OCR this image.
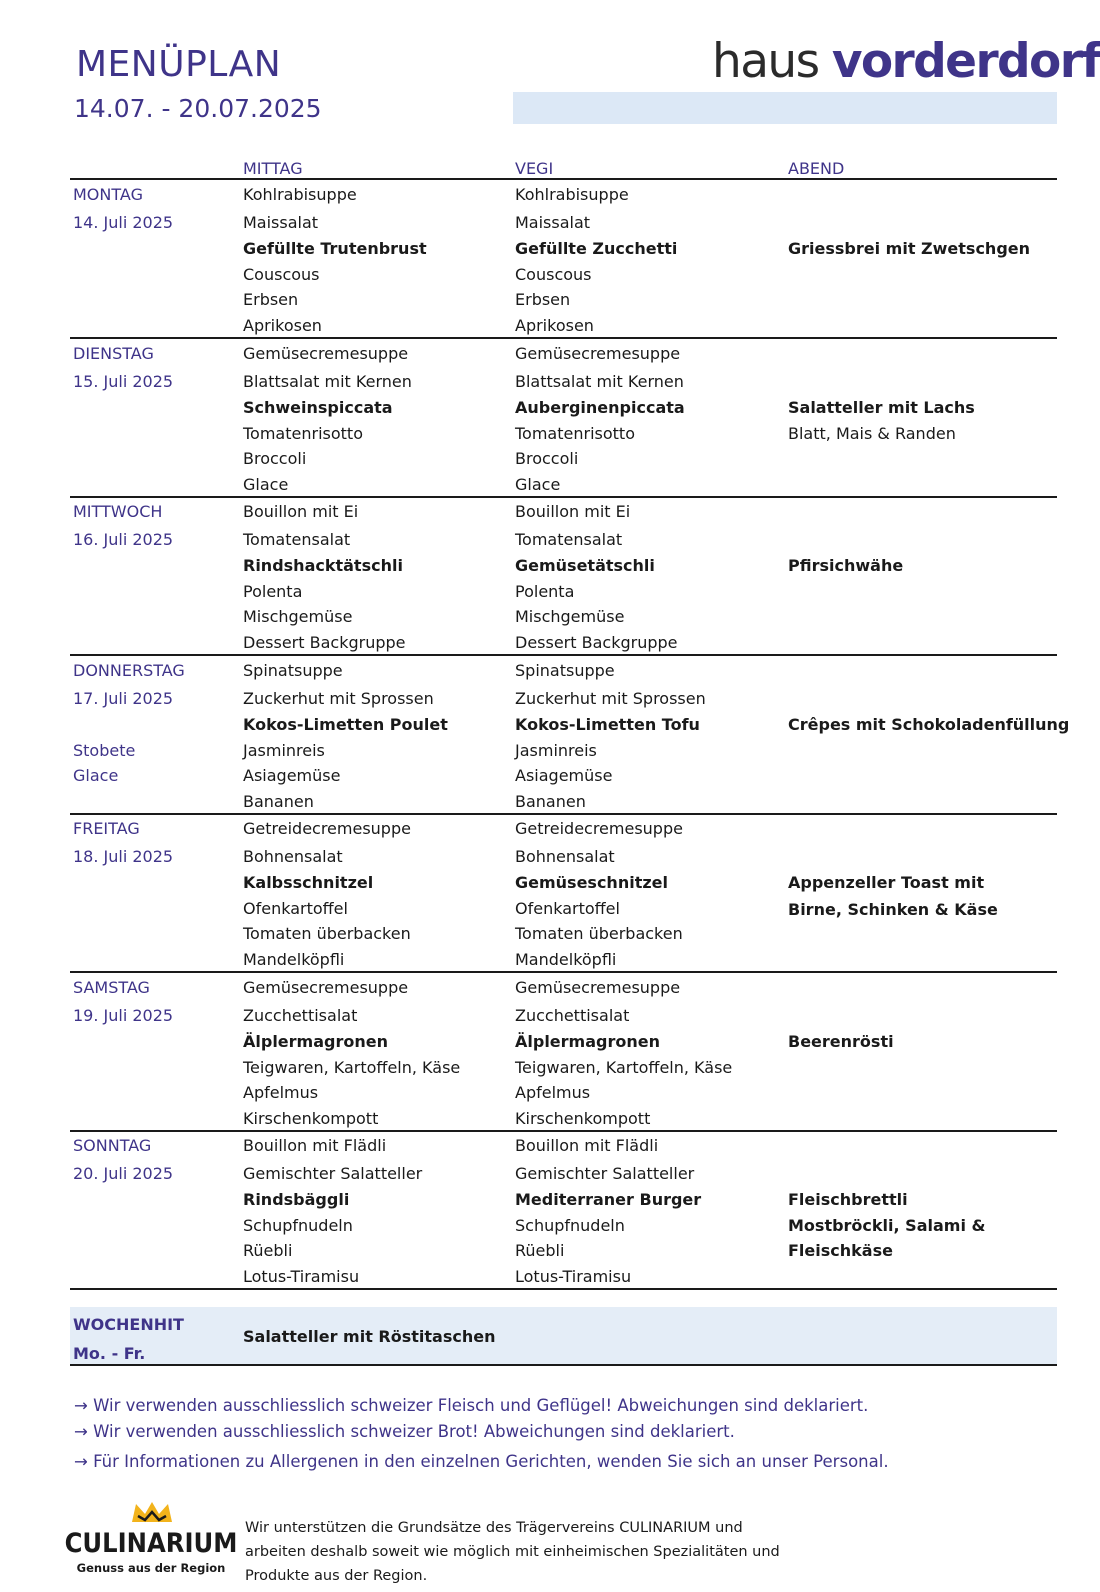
MENÜPLAN
14.07. - 20.07.2025
haus vorderdorf
MITTAG	VEGI	ABEND
MONTAG
14. Juli 2025
Kohlrabisuppe
Maissalat
Gefüllte Trutenbrust
Couscous
Erbsen
Aprikosen
Kohlrabisuppe
Maissalat
Gefüllte Zucchetti
Couscous
Erbsen
Aprikosen
Griessbrei mit Zwetschgen
DIENSTAG
15. Juli 2025
Gemüsecremesuppe
Blattsalat mit Kernen
Schweinspiccata
Tomatenrisotto
Broccoli
Glace
Gemüsecremesuppe
Blattsalat mit Kernen
Auberginenpiccata
Tomatenrisotto
Broccoli
Glace
Salatteller mit Lachs
Blatt, Mais & Randen
MITTWOCH
16. Juli 2025
Bouillon mit Ei
Tomatensalat
Rindshacktätschli
Polenta
Mischgemüse
Dessert Backgruppe
Bouillon mit Ei
Tomatensalat
Gemüsetätschli
Polenta
Mischgemüse
Dessert Backgruppe
Pfirsichwähe
DONNERSTAG
17. Juli 2025
Stobete
Glace
Spinatsuppe
Zuckerhut mit Sprossen
Kokos-Limetten Poulet
Jasminreis
Asiagemüse
Bananen
Spinatsuppe
Zuckerhut mit Sprossen
Kokos-Limetten Tofu
Jasminreis
Asiagemüse
Bananen
Crêpes mit Schokoladenfüllung
FREITAG
18. Juli 2025
Getreidecremesuppe
Bohnensalat
Kalbsschnitzel
Ofenkartoffel
Tomaten überbacken
Mandelköpfli
Getreidecremesuppe
Bohnensalat
Gemüseschnitzel
Ofenkartoffel
Tomaten überbacken
Mandelköpfli
Appenzeller Toast mit
Birne, Schinken & Käse
SAMSTAG
19. Juli 2025
Gemüsecremesuppe
Zucchettisalat
Älplermagronen
Teigwaren, Kartoffeln, Käse
Apfelmus
Kirschenkompott
Gemüsecremesuppe
Zucchettisalat
Älplermagronen
Teigwaren, Kartoffeln, Käse
Apfelmus
Kirschenkompott
Beerenrösti
SONNTAG
20. Juli 2025
Bouillon mit Flädli
Gemischter Salatteller
Rindsbäggli
Schupfnudeln
Rüebli
Lotus-Tiramisu
Bouillon mit Flädli
Gemischter Salatteller
Mediterraner Burger
Schupfnudeln
Rüebli
Lotus-Tiramisu
Fleischbrettli
Mostbröckli, Salami &
Fleischkäse
WOCHENHIT
Mo. - Fr.
Salatteller mit Röstitaschen
→ Wir verwenden ausschliesslich schweizer Fleisch und Geflügel! Abweichungen sind deklariert.
→ Wir verwenden ausschliesslich schweizer Brot! Abweichungen sind deklariert.
→ Für Informationen zu Allergenen in den einzelnen Gerichten, wenden Sie sich an unser Personal.
CULINARIUM
Genuss aus der Region
Wir unterstützen die Grundsätze des Trägervereins CULINARIUM und arbeiten deshalb soweit wie möglich mit einheimischen Spezialitäten und Produkte aus der Region.
